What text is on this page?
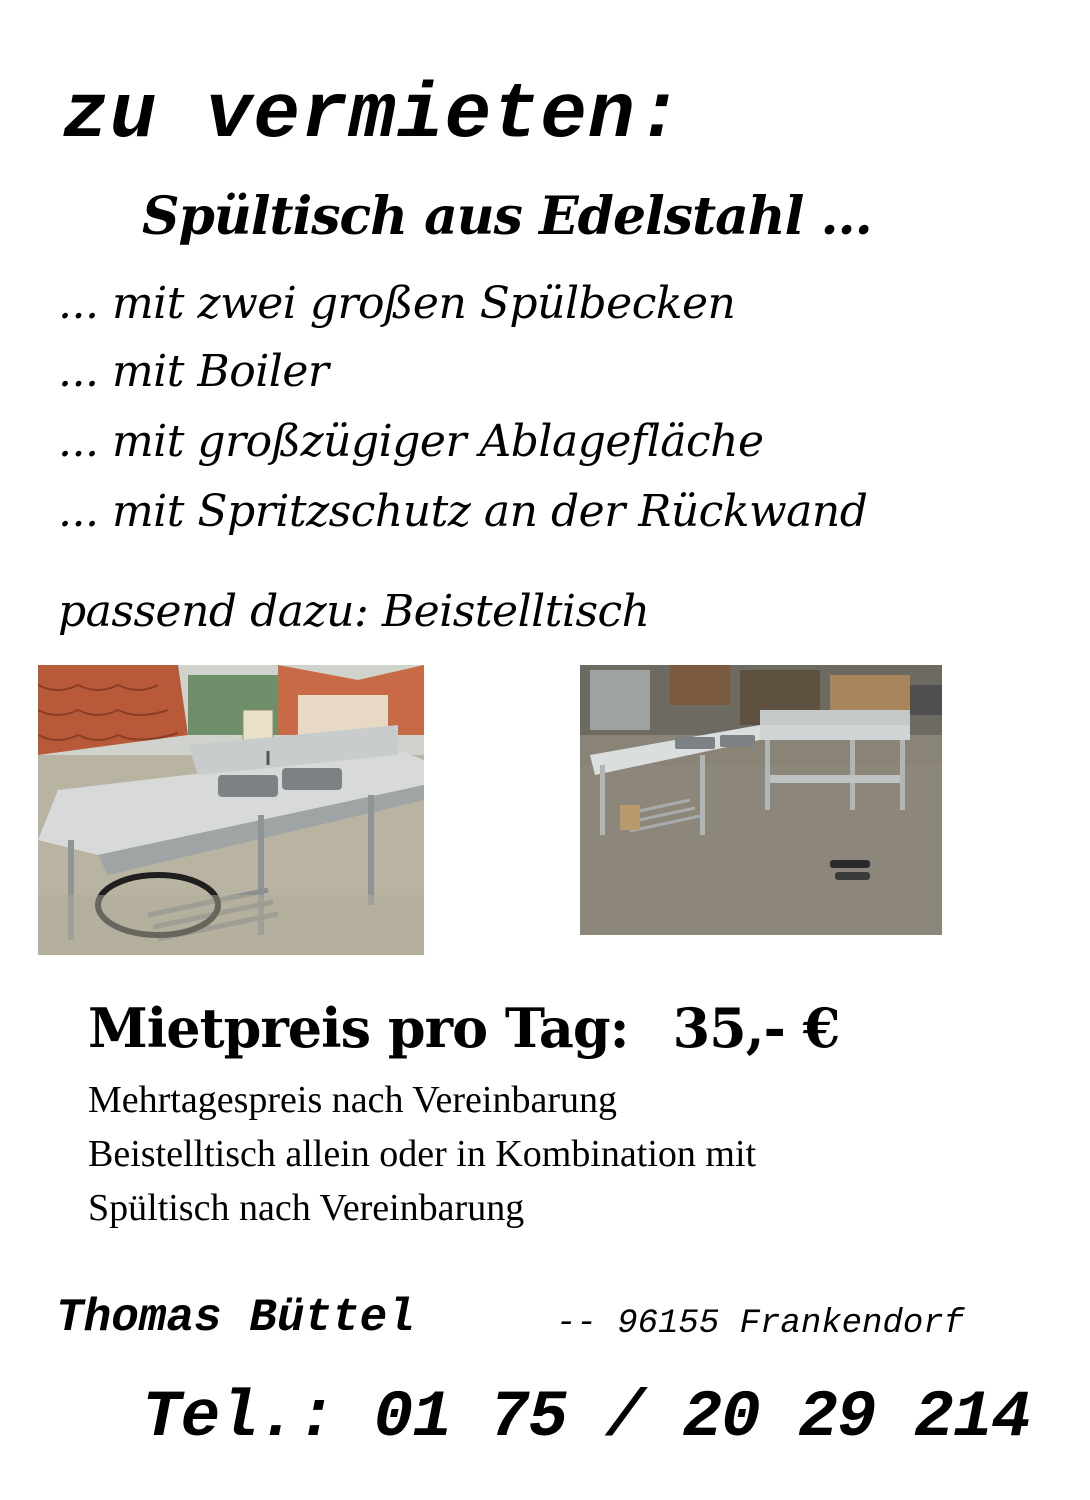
zu vermieten:
Spültisch aus Edelstahl ...
... mit zwei großen Spülbecken
... mit Boiler
... mit großzügiger Ablagefläche
... mit Spritzschutz an der Rückwand
passend dazu: Beistelltisch
Mietpreis pro Tag: 35,- €
Mehrtagespreis nach Vereinbarung
Beistelltisch allein oder in Kombination mit
Spültisch nach Vereinbarung
Thomas Büttel	-- 96155 Frankendorf
Tel.: 01 75 / 20 29 214
